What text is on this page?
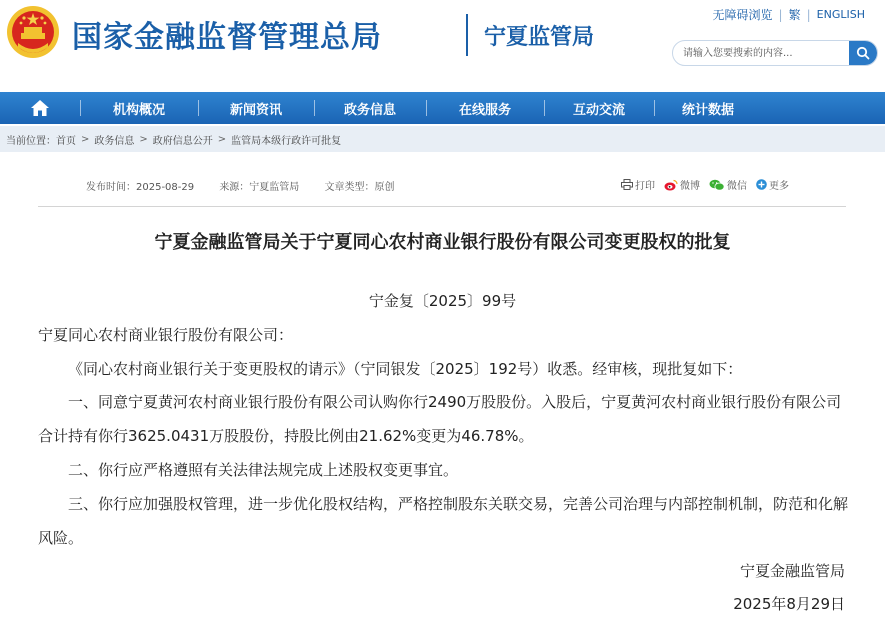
国家金融监督管理总局	宁夏监管局
无障碍浏览 | 繁 | ENGLISH
请输入您要搜索的内容...
机构概况	新闻资讯	政务信息	在线服务	互动交流	统计数据
当前位置： 首页 > 政务信息 > 政府信息公开 > 监管局本级行政许可批复
发布时间：2025-08-29	来源：宁夏监管局	文章类型：原创	打印	微博	微信 更多
宁夏金融监管局关于宁夏同心农村商业银行股份有限公司变更股权的批复
宁金复〔2025〕99号
宁夏同心农村商业银行股份有限公司：
《同心农村商业银行关于变更股权的请示》（宁同银发〔2025〕192号）收悉。经审核，现批复如下：
一、同意宁夏黄河农村商业银行股份有限公司认购你行2490万股股份。入股后，宁夏黄河农村商业银行股份有限公司合计持有你行3625.0431万股股份，持股比例由21.62%变更为46.78%。
二、你行应严格遵照有关法律法规完成上述股权变更事宜。
三、你行应加强股权管理，进一步优化股权结构，严格控制股东关联交易，完善公司治理与内部控制机制，防范和化解风险。
宁夏金融监管局
2025年8月29日
